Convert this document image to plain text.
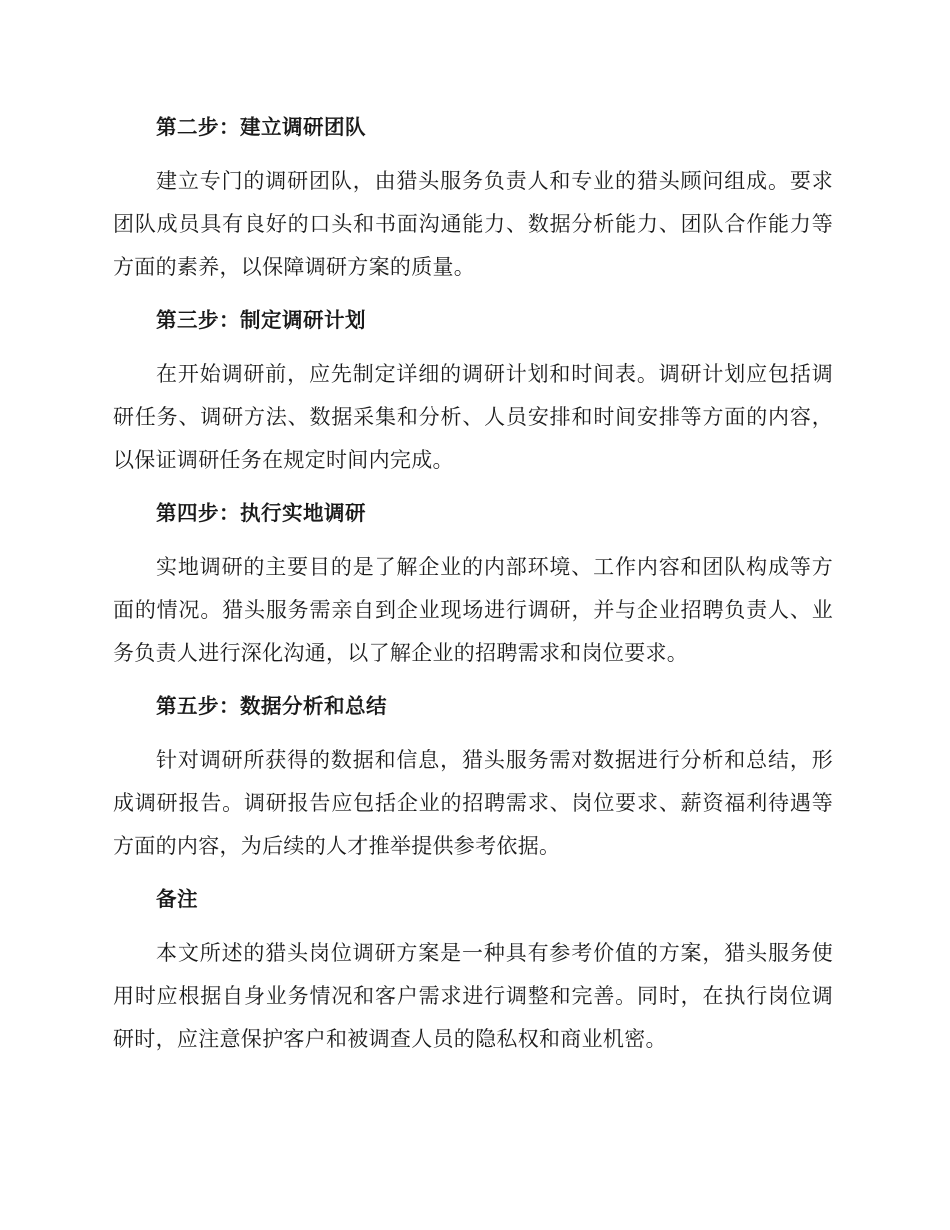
第二步：建立调研团队

建立专门的调研团队，由猎头服务负责人和专业的猎头顾问组成。要求团队成员具有良好的口头和书面沟通能力、数据分析能力、团队合作能力等方面的素养，以保障调研方案的质量。

第三步：制定调研计划

在开始调研前，应先制定详细的调研计划和时间表。调研计划应包括调研任务、调研方法、数据采集和分析、人员安排和时间安排等方面的内容，以保证调研任务在规定时间内完成。

第四步：执行实地调研

实地调研的主要目的是了解企业的内部环境、工作内容和团队构成等方面的情况。猎头服务需亲自到企业现场进行调研，并与企业招聘负责人、业务负责人进行深化沟通，以了解企业的招聘需求和岗位要求。

第五步：数据分析和总结

针对调研所获得的数据和信息，猎头服务需对数据进行分析和总结，形成调研报告。调研报告应包括企业的招聘需求、岗位要求、薪资福利待遇等方面的内容，为后续的人才推举提供参考依据。

备注

本文所述的猎头岗位调研方案是一种具有参考价值的方案，猎头服务使用时应根据自身业务情况和客户需求进行调整和完善。同时，在执行岗位调研时，应注意保护客户和被调查人员的隐私权和商业机密。
